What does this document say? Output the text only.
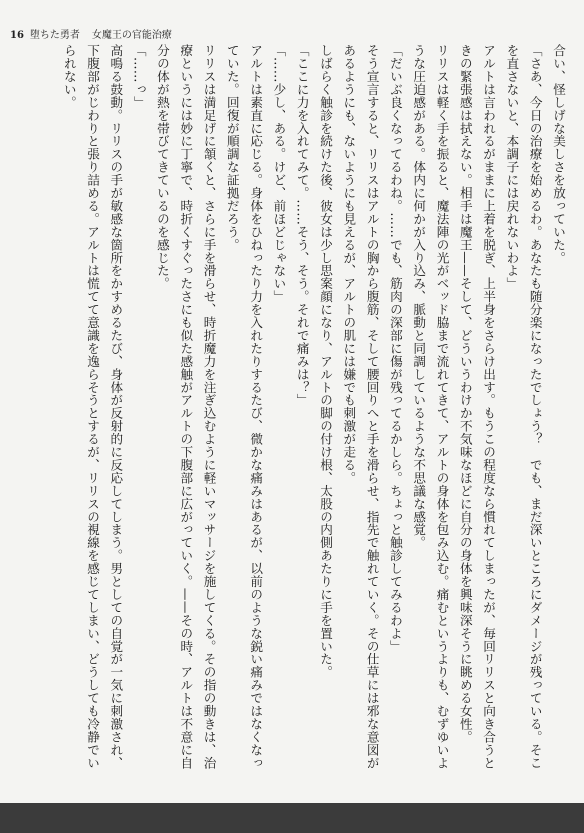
16 堕ちた勇者 女魔王の官能治療

合い、怪しげな美しさを放っていた。

「さあ、今日の治療を始めるわ。あなたも随分楽になったでしょう？　でも、まだ深いところにダメージが残っている。そこを直さないと、本調子には戻れないわよ」

アルトは言われるがままに上着を脱ぎ、上半身をさらけ出す。もうこの程度なら慣れてしまったが、毎回リリスと向き合うときの緊張感は拭えない。相手は魔王——そして、どういうわけか不気味なほどに自分の身体を興味深そうに眺める女性。

リリスは軽く手を振ると、魔法陣の光がベッド脇まで流れてきて、アルトの身体を包み込む。痛むというよりも、むずゆいような圧迫感がある。体内に何かが入り込み、脈動と同調しているような不思議な感覚。

「だいぶ良くなってるわね。……でも、筋肉の深部に傷が残ってるかしら。ちょっと触診してみるわよ」

そう宣言すると、リリスはアルトの胸から腹筋、そして腰回りへと手を滑らせ、指先で触れていく。その仕草には邪な意図があるようにも、ないようにも見えるが、アルトの肌には嫌でも刺激が走る。

しばらく触診を続けた後、彼女は少し思案顔になり、アルトの脚の付け根、太股の内側あたりに手を置いた。

「ここに力を入れてみて。……そう、そう。それで痛みは？」

「……少し、ある。けど、前ほどじゃない」

アルトは素直に応じる。身体をひねったり力を入れたりするたび、微かな痛みはあるが、以前のような鋭い痛みではなくなっていた。回復が順調な証拠だろう。

リリスは満足げに頷くと、さらに手を滑らせ、時折魔力を注ぎ込むように軽いマッサージを施してくる。その指の動きは、治療というには妙に丁寧で、時折くすぐったさにも似た感触がアルトの下腹部に広がっていく。——その時、アルトは不意に自分の体が熱を帯びてきているのを感じた。

「……っ」

高鳴る鼓動。リリスの手が敏感な箇所をかすめるたび、身体が反射的に反応してしまう。男としての自覚が一気に刺激され、下腹部がじわりと張り詰める。アルトは慌てて意識を逸らそうとするが、リリスの視線を感じてしまい、どうしても冷静でいられない。
